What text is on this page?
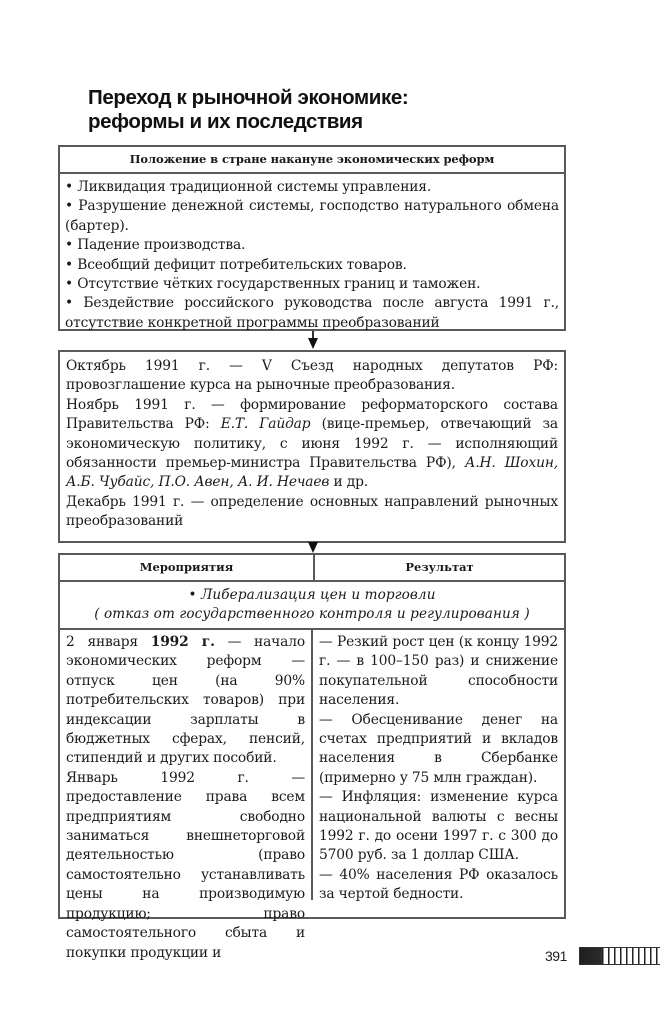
Переход к рыночной экономике:
реформы и их последствия
Положение в стране накануне экономических реформ
• Ликвидация традиционной системы управления.
• Разрушение денежной системы, господство натурального обмена (бартер).
• Падение производства.
• Всеобщий дефицит потребительских товаров.
• Отсутствие чётких государственных границ и таможен.
• Бездействие российского руководства после августа 1991 г., отсутствие конкретной программы преобразований

Октябрь 1991 г. — V Съезд народных депутатов РФ: провозглашение курса на рыночные преобразования.

Ноябрь 1991 г. — формирование реформаторского состава Правительства РФ: Е.Т. Гайдар (вице-премьер, отвечающий за экономическую политику, с июня 1992 г. — исполняющий обязанности премьер-министра Правительства РФ), А.Н. Шохин, А.Б. Чубайс, П.О. Авен, А. И. Нечаев и др.

Декабрь 1991 г. — определение основных направлений рыночных преобразований

Мероприятия	Результат
• Либерализация цен и торговли
( отказ от государственного контроля и регулирования )

2 января 1992 г. — начало экономических реформ — отпуск цен (на 90% потребительских товаров) при индексации зарплаты в бюджетных сферах, пенсий, стипендий и других пособий.

Январь 1992 г. — предоставление права всем предприятиям свободно заниматься внешнеторговой деятельностью (право самостоятельно устанавливать цены на производимую продукцию; право самостоятельного сбыта и покупки продукции и

— Резкий рост цен (к концу 1992 г. — в 100–150 раз) и снижение покупательной способности населения.

— Обесценивание денег на счетах предприятий и вкладов населения в Сбербанке (примерно у 75 млн граждан).

— Инфляция: изменение курса национальной валюты с весны 1992 г. до осени 1997 г. с 300 до 5700 руб. за 1 доллар США.

— 40% населения РФ оказалось за чертой бедности.

391
